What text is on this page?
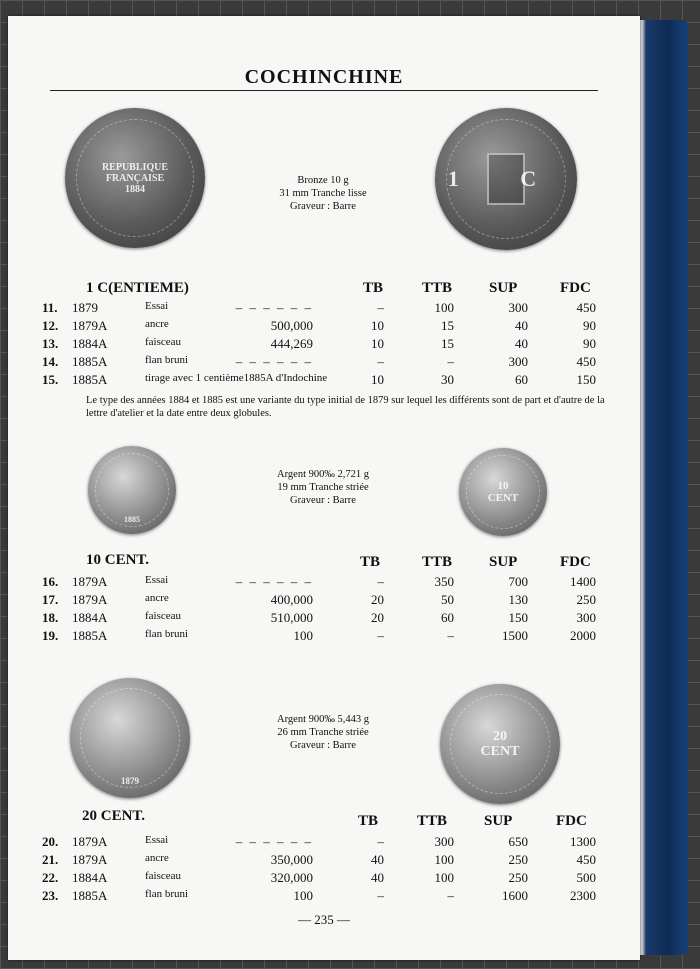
COCHINCHINE
REPUBLIQUE FRANÇAISE 1884	1 C
Bronze 10 g
31 mm Tranche lisse
Graveur : Barre
1 C(ENTIEME)	TB	TTB SUP	FDC
11. 1879	Essai	– – – – – –	–	100	300	450
12. 1879A	ancre	500,000	10	15	40	90
13. 1884A	faisceau	444,269	10	15	40	90
14. 1885A	flan bruni	– – – – – –	–	–	300	450
15. 1885A	tirage avec 1 centième1885A d'Indochine	10	30	60	150
Le type des années 1884 et 1885 est une variante du type initial de 1879 sur lequel les différents sont de part et d'autre de la lettre d'atelier et la date entre deux globules.
1885
10 CENT
Argent 900‰ 2,721 g
19 mm Tranche striée
Graveur : Barre
10 CENT.	TB	TTB SUP	FDC
16. 1879A	Essai	– – – – – –	–	350	700	1400
17. 1879A	ancre	400,000	20	50	130	250
18. 1884A	faisceau	510,000	20	60	150	300
19. 1885A	flan bruni	100	–	–	1500	2000
1879
20 CENT
Argent 900‰ 5,443 g
26 mm Tranche striée
Graveur : Barre
20 CENT.	TB	TTB SUP	FDC
20. 1879A	Essai	– – – – – –	–	300	650	1300
21. 1879A	ancre	350,000	40	100	250	450
22. 1884A	faisceau	320,000	40	100	250	500
23. 1885A	flan bruni	100	–	–	1600	2300
— 235 —
